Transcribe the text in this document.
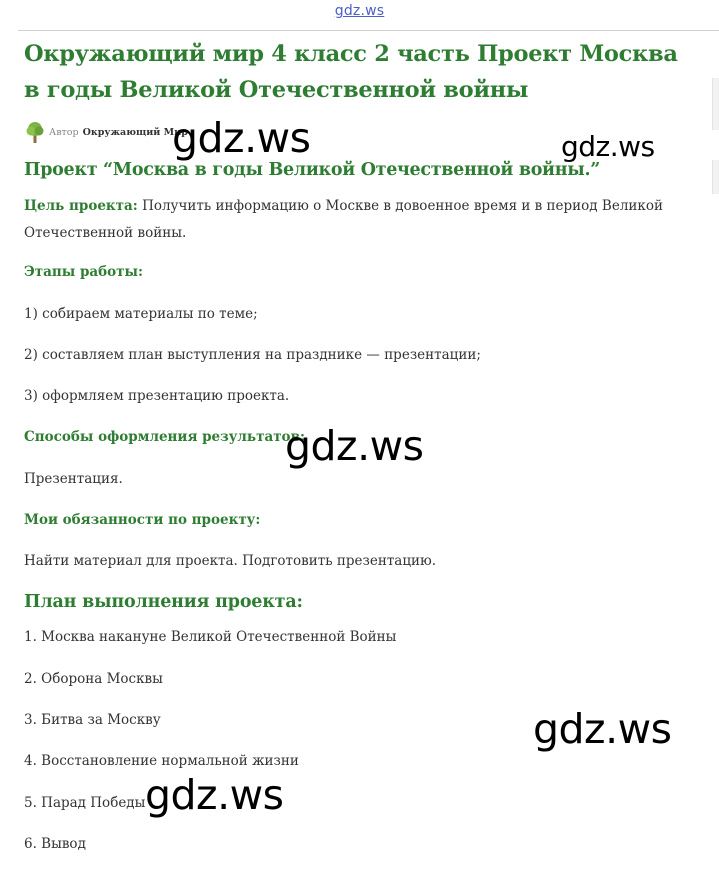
gdz.ws
Окружающий мир 4 класс 2 часть Проект Москва в годы Великой Отечественной войны
Автор Окружающий Мир
Проект “Москва в годы Великой Отечественной войны.”
Цель проекта: Получить информацию о Москве в довоенное время и в период Великой
Отечественной войны.
Этапы работы:
1) собираем материалы по теме;
2) составляем план выступления на празднике — презентации;
3) оформляем презентацию проекта.
Способы оформления результатов:
Презентация.
Мои обязанности по проекту:
Найти материал для проекта. Подготовить презентацию.
План выполнения проекта:
1. Москва накануне Великой Отечественной Войны
2. Оборона Москвы
3. Битва за Москву
4. Восстановление нормальной жизни
5. Парад Победы
6. Вывод
gdz.ws	gdz.ws
gdz.ws
gdz.ws
gdz.ws
